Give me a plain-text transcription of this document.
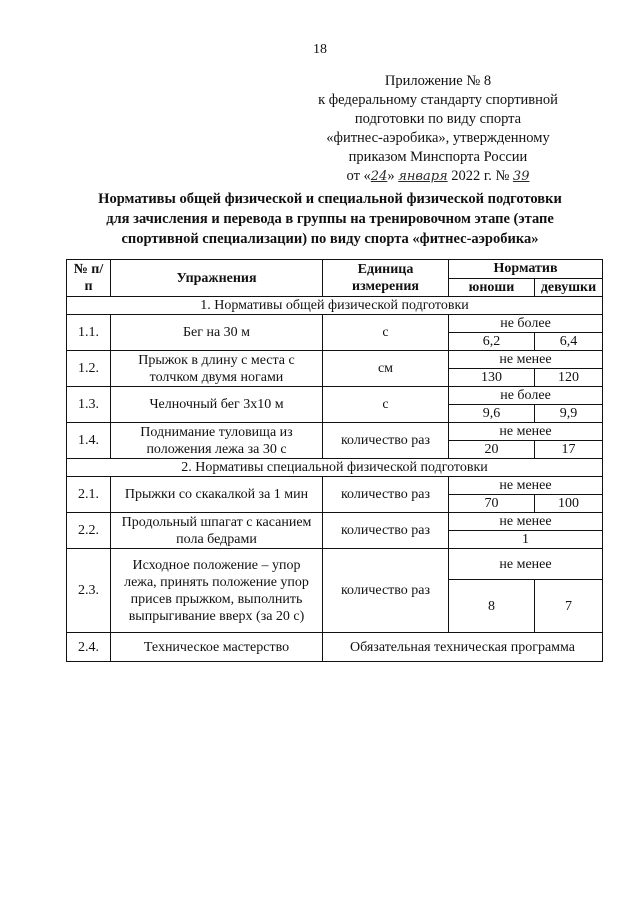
18
Приложение № 8
к федеральному стандарту спортивной
подготовки по виду спорта
«фитнес-аэробика», утвержденному
приказом Минспорта России
от «24» января 2022 г. № 39
Нормативы общей физической и специальной физической подготовки
для зачисления и перевода в группы на тренировочном этапе (этапе
спортивной специализации) по виду спорта «фитнес-аэробика»
№ п/п	Упражнения	Единица измерения	Норматив	
			юноши	девушки
1. Нормативы общей физической подготовки				
1.1.	Бег на 30 м	с	не более	
			6,2	6,4
1.2.	Прыжок в длину с места с толчком двумя ногами	см	не менее	
			130	120
1.3.	Челночный бег 3х10 м	с	не более	
			9,6	9,9
1.4.	Поднимание туловища из положения лежа за 30 с	количество раз	не менее	
			20	17
2. Нормативы специальной физической подготовки				
2.1.	Прыжки со скакалкой за 1 мин	количество раз	не менее	
			70	100
2.2.	Продольный шпагат с касанием пола бедрами	количество раз	не менее	
			1	
2.3.	Исходное положение – упор лежа, принять положение упор присев прыжком, выполнить выпрыгивание вверх (за 20 с)	количество раз	не менее	
			8	7
2.4.	Техническое мастерство	Обязательная техническая программа		
